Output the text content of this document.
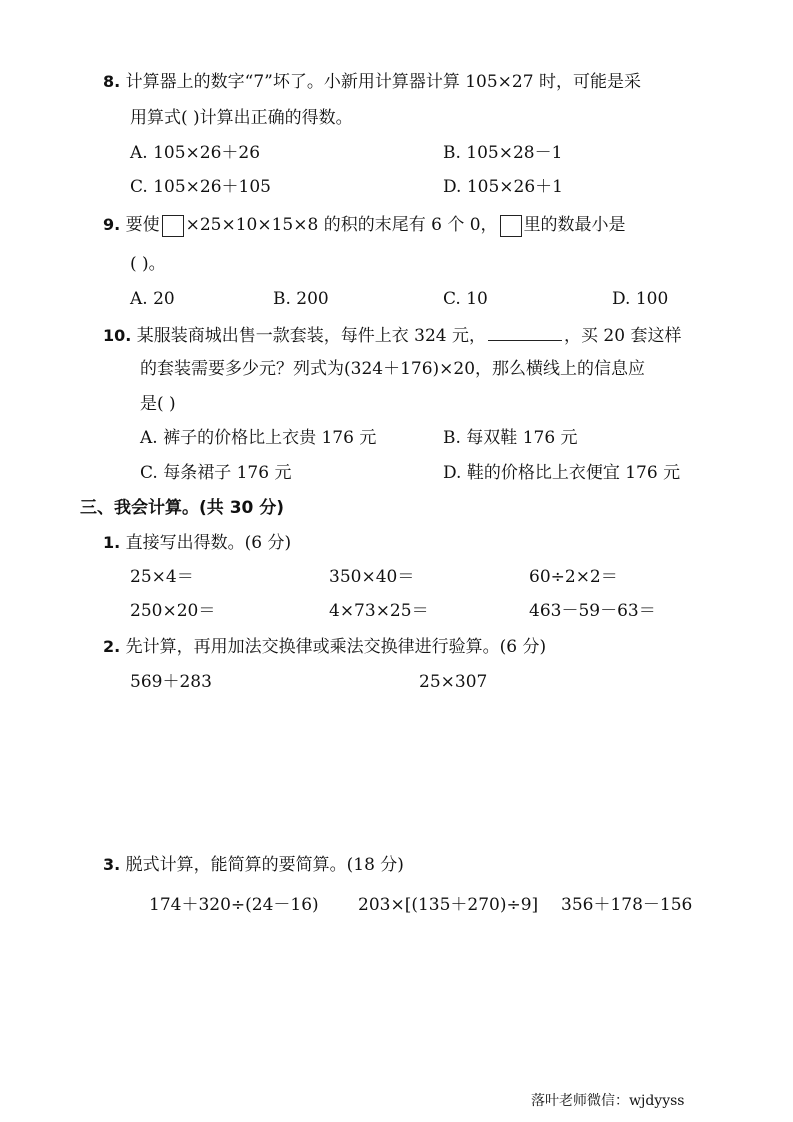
8. 计算器上的数字“7”坏了。小新用计算器计算 105×27 时，可能是采
用算式( )计算出正确的得数。
A. 105×26＋26	B. 105×28－1
C. 105×26＋105	D. 105×26＋1
9. 要使 ×25×10×15×8 的积的末尾有 6 个 0， 里的数最小是
( )。
A. 20	B. 200	C. 10	D. 100
10. 某服装商城出售一款套装，每件上衣 324 元，	，买 20 套这样
的套装需要多少元？列式为(324＋176)×20，那么横线上的信息应
是( )
A. 裤子的价格比上衣贵 176 元	B. 每双鞋 176 元
C. 每条裙子 176 元	D. 鞋的价格比上衣便宜 176 元
三、我会计算。(共 30 分)
1. 直接写出得数。(6 分)
25×4＝	350×40＝	60÷2×2＝
250×20＝	4×73×25＝	463－59－63＝
2. 先计算，再用加法交换律或乘法交换律进行验算。(6 分)
569＋283	25×307
3. 脱式计算，能简算的要简算。(18 分)
174＋320÷(24－16) 203×[(135＋270)÷9] 356＋178－156
落叶老师微信：wjdyyss
